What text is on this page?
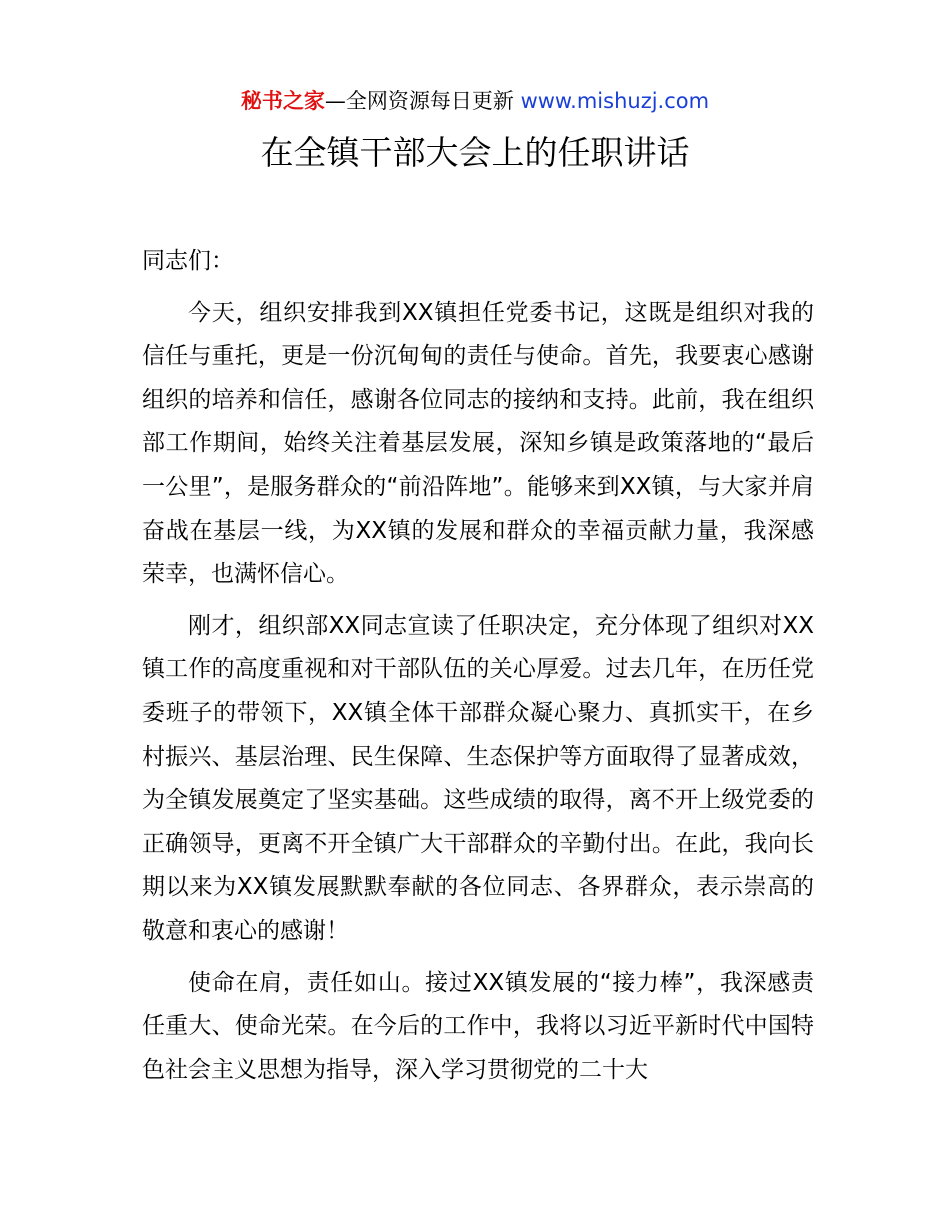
秘书之家—全网资源每日更新 www.mishuzj.com
在全镇干部大会上的任职讲话

同志们：

今天，组织安排我到XX镇担任党委书记，这既是组织对我的信任与重托，更是一份沉甸甸的责任与使命。首先，我要衷心感谢组织的培养和信任，感谢各位同志的接纳和支持。此前，我在组织部工作期间，始终关注着基层发展，深知乡镇是政策落地的“最后一公里”，是服务群众的“前沿阵地”。能够来到XX镇，与大家并肩奋战在基层一线，为XX镇的发展和群众的幸福贡献力量，我深感荣幸，也满怀信心。

刚才，组织部XX同志宣读了任职决定，充分体现了组织对XX镇工作的高度重视和对干部队伍的关心厚爱。过去几年，在历任党委班子的带领下，XX镇全体干部群众凝心聚力、真抓实干，在乡村振兴、基层治理、民生保障、生态保护等方面取得了显著成效，为全镇发展奠定了坚实基础。这些成绩的取得，离不开上级党委的正确领导，更离不开全镇广大干部群众的辛勤付出。在此，我向长期以来为XX镇发展默默奉献的各位同志、各界群众，表示崇高的敬意和衷心的感谢！

使命在肩，责任如山。接过XX镇发展的“接力棒”，我深感责任重大、使命光荣。在今后的工作中，我将以习近平新时代中国特色社会主义思想为指导，深入学习贯彻党的二十大
